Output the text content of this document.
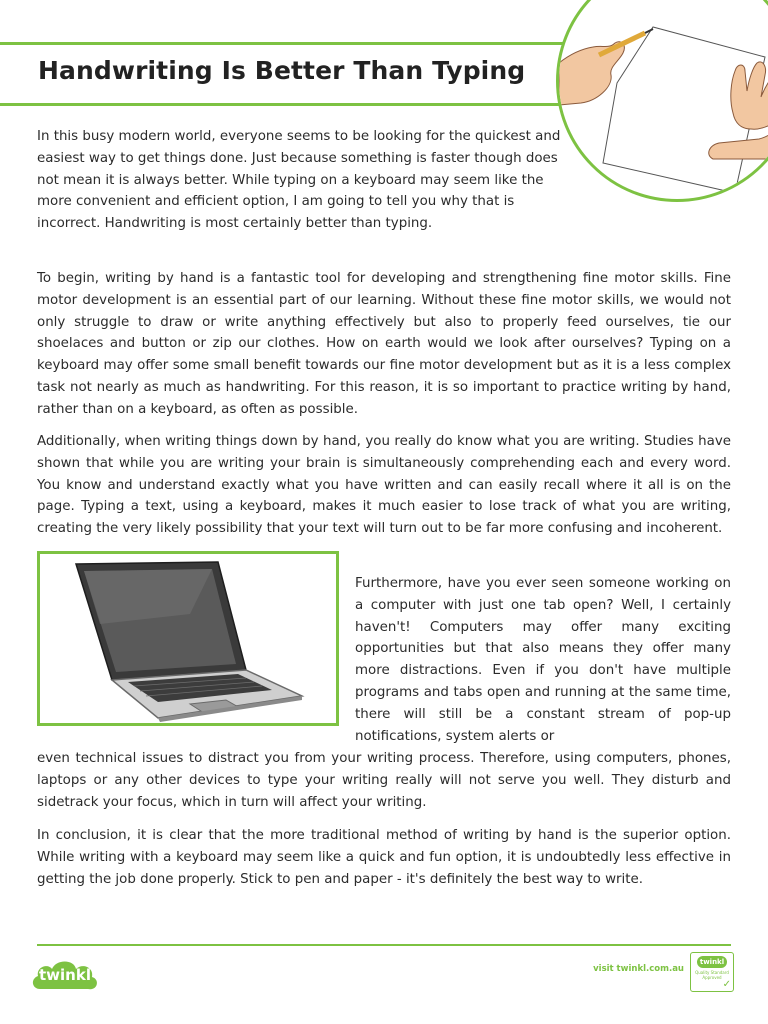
Handwriting Is Better Than Typing

In this busy modern world, everyone seems to be looking for the quickest and easiest way to get things done. Just because something is faster though does not mean it is always better. While typing on a keyboard may seem like the more convenient and efficient option, I am going to tell you why that is incorrect. Handwriting is most certainly better than typing.

To begin, writing by hand is a fantastic tool for developing and strengthening fine motor skills. Fine motor development is an essential part of our learning. Without these fine motor skills, we would not only struggle to draw or write anything effectively but also to properly feed ourselves, tie our shoelaces and button or zip our clothes. How on earth would we look after ourselves? Typing on a keyboard may offer some small benefit towards our fine motor development but as it is a less complex task not nearly as much as handwriting. For this reason, it is so important to practice writing by hand, rather than on a keyboard, as often as possible.

Additionally, when writing things down by hand, you really do know what you are writing. Studies have shown that while you are writing your brain is simultaneously comprehending each and every word. You know and understand exactly what you have written and can easily recall where it all is on the page. Typing a text, using a keyboard, makes it much easier to lose track of what you are writing, creating the very likely possibility that your text will turn out to be far more confusing and incoherent.

Furthermore, have you ever seen someone working on a computer with just one tab open? Well, I certainly haven't! Computers may offer many exciting opportunities but that also means they offer many more distractions. Even if you don't have multiple programs and tabs open and running at the same time, there will still be a constant stream of pop-up notifications, system alerts or

even technical issues to distract you from your writing process. Therefore, using computers, phones, laptops or any other devices to type your writing really will not serve you well. They disturb and sidetrack your focus, which in turn will affect your writing.

In conclusion, it is clear that the more traditional method of writing by hand is the superior option. While writing with a keyboard may seem like a quick and fun option, it is undoubtedly less effective in getting the job done properly. Stick to pen and paper - it's definitely the best way to write.

twinkl	visit twinkl.com.au
twinkl
Quality Standard Approved
✓
